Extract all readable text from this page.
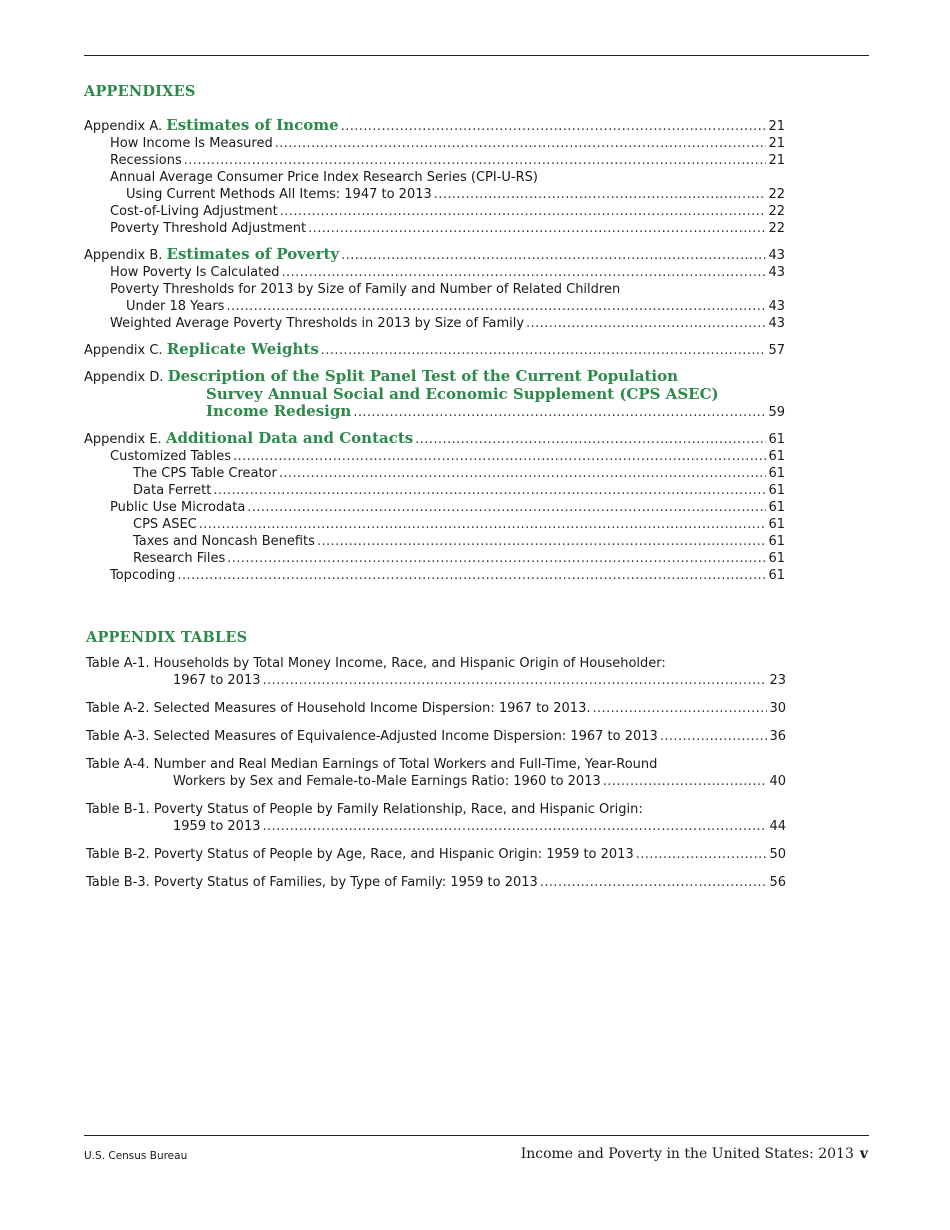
APPENDIXES
Appendix A. Estimates of Income .....	21
How Income Is Measured .....	21
Recessions .....	21
Annual Average Consumer Price Index Research Series (CPI-U-RS)
Using Current Methods All Items: 1947 to 2013 .....	22
Cost-of-Living Adjustment .....	22
Poverty Threshold Adjustment .....	22
Appendix B. Estimates of Poverty .....	43
How Poverty Is Calculated .....	43
Poverty Thresholds for 2013 by Size of Family and Number of Related Children
Under 18 Years .....	43
Weighted Average Poverty Thresholds in 2013 by Size of Family .....	43
Appendix C. Replicate Weights .....	57
Appendix D. Description of the Split Panel Test of the Current Population
Survey Annual Social and Economic Supplement (CPS ASEC)
Income Redesign .....	59
Appendix E. Additional Data and Contacts .....	61
Customized Tables .....	61
The CPS Table Creator .....	61
Data Ferrett .....	61
Public Use Microdata .....	61
CPS ASEC .....	61
Taxes and Noncash Benefits .....	61
Research Files .....	61
Topcoding .....	61
APPENDIX TABLES
Table A-1. Households by Total Money Income, Race, and Hispanic Origin of Householder:
1967 to 2013 .....	23
Table A-2. Selected Measures of Household Income Dispersion: 1967 to 2013. .....	30
Table A-3. Selected Measures of Equivalence-Adjusted Income Dispersion: 1967 to 2013 .....	36
Table A-4. Number and Real Median Earnings of Total Workers and Full-Time, Year-Round
Workers by Sex and Female-to-Male Earnings Ratio: 1960 to 2013 .....	40
Table B-1. Poverty Status of People by Family Relationship, Race, and Hispanic Origin:
1959 to 2013 .....	44
Table B-2. Poverty Status of People by Age, Race, and Hispanic Origin: 1959 to 2013 .....	50
Table B-3. Poverty Status of Families, by Type of Family: 1959 to 2013 .....	56
U.S. Census Bureau	Income and Poverty in the United States: 2013 v
